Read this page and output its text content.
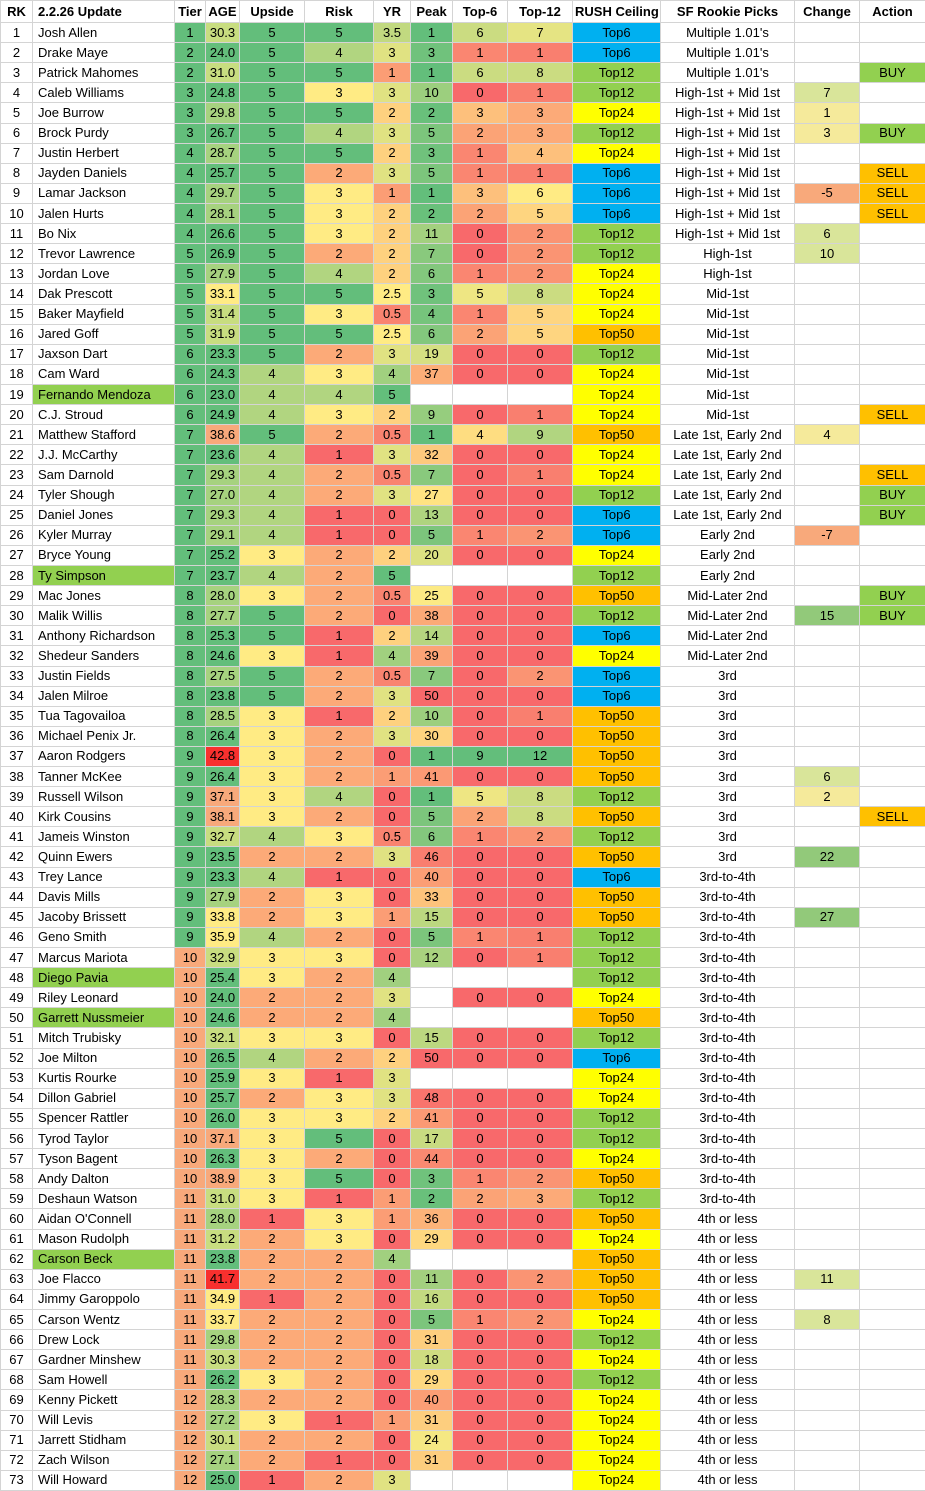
RK	2.2.26 Update	Tier	AGE	Upside	Risk	YR	Peak	Top-6	Top-12	RUSH Ceiling	SF Rookie Picks	Change	Action
1	Josh Allen	1	30.3	5	5	3.5	1	6	7	Top6	Multiple 1.01's		
2	Drake Maye	2	24.0	5	4	3	3	1	1	Top6	Multiple 1.01's		
3	Patrick Mahomes	2	31.0	5	5	1	1	6	8	Top12	Multiple 1.01's		BUY
4	Caleb Williams	3	24.8	5	3	3	10	0	1	Top12	High-1st + Mid 1st	7	
5	Joe Burrow	3	29.8	5	5	2	2	3	3	Top24	High-1st + Mid 1st	1	
6	Brock Purdy	3	26.7	5	4	3	5	2	3	Top12	High-1st + Mid 1st	3	BUY
7	Justin Herbert	4	28.7	5	5	2	3	1	4	Top24	High-1st + Mid 1st		
8	Jayden Daniels	4	25.7	5	2	3	5	1	1	Top6	High-1st + Mid 1st		SELL
9	Lamar Jackson	4	29.7	5	3	1	1	3	6	Top6	High-1st + Mid 1st	-5	SELL
10	Jalen Hurts	4	28.1	5	3	2	2	2	5	Top6	High-1st + Mid 1st		SELL
11	Bo Nix	4	26.6	5	3	2	11	0	2	Top12	High-1st + Mid 1st	6	
12	Trevor Lawrence	5	26.9	5	2	2	7	0	2	Top12	High-1st	10	
13	Jordan Love	5	27.9	5	4	2	6	1	2	Top24	High-1st		
14	Dak Prescott	5	33.1	5	5	2.5	3	5	8	Top24	Mid-1st		
15	Baker Mayfield	5	31.4	5	3	0.5	4	1	5	Top24	Mid-1st		
16	Jared Goff	5	31.9	5	5	2.5	6	2	5	Top50	Mid-1st		
17	Jaxson Dart	6	23.3	5	2	3	19	0	0	Top12	Mid-1st		
18	Cam Ward	6	24.3	4	3	4	37	0	0	Top24	Mid-1st		
19	Fernando Mendoza	6	23.0	4	4	5				Top24	Mid-1st		
20	C.J. Stroud	6	24.9	4	3	2	9	0	1	Top24	Mid-1st		SELL
21	Matthew Stafford	7	38.6	5	2	0.5	1	4	9	Top50	Late 1st, Early 2nd	4	
22	J.J. McCarthy	7	23.6	4	1	3	32	0	0	Top24	Late 1st, Early 2nd		
23	Sam Darnold	7	29.3	4	2	0.5	7	0	1	Top24	Late 1st, Early 2nd		SELL
24	Tyler Shough	7	27.0	4	2	3	27	0	0	Top12	Late 1st, Early 2nd		BUY
25	Daniel Jones	7	29.3	4	1	0	13	0	0	Top6	Late 1st, Early 2nd		BUY
26	Kyler Murray	7	29.1	4	1	0	5	1	2	Top6	Early 2nd	-7	
27	Bryce Young	7	25.2	3	2	2	20	0	0	Top24	Early 2nd		
28	Ty Simpson	7	23.7	4	2	5				Top12	Early 2nd		
29	Mac Jones	8	28.0	3	2	0.5	25	0	0	Top50	Mid-Later 2nd		BUY
30	Malik Willis	8	27.7	5	2	0	38	0	0	Top12	Mid-Later 2nd	15	BUY
31	Anthony Richardson	8	25.3	5	1	2	14	0	0	Top6	Mid-Later 2nd		
32	Shedeur Sanders	8	24.6	3	1	4	39	0	0	Top24	Mid-Later 2nd		
33	Justin Fields	8	27.5	5	2	0.5	7	0	2	Top6	3rd		
34	Jalen Milroe	8	23.8	5	2	3	50	0	0	Top6	3rd		
35	Tua Tagovailoa	8	28.5	3	1	2	10	0	1	Top50	3rd		
36	Michael Penix Jr.	8	26.4	3	2	3	30	0	0	Top50	3rd		
37	Aaron Rodgers	9	42.8	3	2	0	1	9	12	Top50	3rd		
38	Tanner McKee	9	26.4	3	2	1	41	0	0	Top50	3rd	6	
39	Russell Wilson	9	37.1	3	4	0	1	5	8	Top12	3rd	2	
40	Kirk Cousins	9	38.1	3	2	0	5	2	8	Top50	3rd		SELL
41	Jameis Winston	9	32.7	4	3	0.5	6	1	2	Top12	3rd		
42	Quinn Ewers	9	23.5	2	2	3	46	0	0	Top50	3rd	22	
43	Trey Lance	9	23.3	4	1	0	40	0	0	Top6	3rd-to-4th		
44	Davis Mills	9	27.9	2	3	0	33	0	0	Top50	3rd-to-4th		
45	Jacoby Brissett	9	33.8	2	3	1	15	0	0	Top50	3rd-to-4th	27	
46	Geno Smith	9	35.9	4	2	0	5	1	1	Top12	3rd-to-4th		
47	Marcus Mariota	10	32.9	3	3	0	12	0	1	Top12	3rd-to-4th		
48	Diego Pavia	10	25.4	3	2	4				Top12	3rd-to-4th		
49	Riley Leonard	10	24.0	2	2	3		0	0	Top24	3rd-to-4th		
50	Garrett Nussmeier	10	24.6	2	2	4				Top50	3rd-to-4th		
51	Mitch Trubisky	10	32.1	3	3	0	15	0	0	Top12	3rd-to-4th		
52	Joe Milton	10	26.5	4	2	2	50	0	0	Top6	3rd-to-4th		
53	Kurtis Rourke	10	25.9	3	1	3				Top24	3rd-to-4th		
54	Dillon Gabriel	10	25.7	2	3	3	48	0	0	Top24	3rd-to-4th		
55	Spencer Rattler	10	26.0	3	3	2	41	0	0	Top12	3rd-to-4th		
56	Tyrod Taylor	10	37.1	3	5	0	17	0	0	Top12	3rd-to-4th		
57	Tyson Bagent	10	26.3	3	2	0	44	0	0	Top24	3rd-to-4th		
58	Andy Dalton	10	38.9	3	5	0	3	1	2	Top50	3rd-to-4th		
59	Deshaun Watson	11	31.0	3	1	1	2	2	3	Top12	3rd-to-4th		
60	Aidan O'Connell	11	28.0	1	3	1	36	0	0	Top50	4th or less		
61	Mason Rudolph	11	31.2	2	3	0	29	0	0	Top24	4th or less		
62	Carson Beck	11	23.8	2	2	4				Top50	4th or less		
63	Joe Flacco	11	41.7	2	2	0	11	0	2	Top50	4th or less	11	
64	Jimmy Garoppolo	11	34.9	1	2	0	16	0	0	Top50	4th or less		
65	Carson Wentz	11	33.7	2	2	0	5	1	2	Top24	4th or less	8	
66	Drew Lock	11	29.8	2	2	0	31	0	0	Top12	4th or less		
67	Gardner Minshew	11	30.3	2	2	0	18	0	0	Top24	4th or less		
68	Sam Howell	11	26.2	3	2	0	29	0	0	Top12	4th or less		
69	Kenny Pickett	12	28.3	2	2	0	40	0	0	Top24	4th or less		
70	Will Levis	12	27.2	3	1	1	31	0	0	Top24	4th or less		
71	Jarrett Stidham	12	30.1	2	2	0	24	0	0	Top24	4th or less		
72	Zach Wilson	12	27.1	2	1	0	31	0	0	Top24	4th or less		
73	Will Howard	12	25.0	1	2	3				Top24	4th or less		
